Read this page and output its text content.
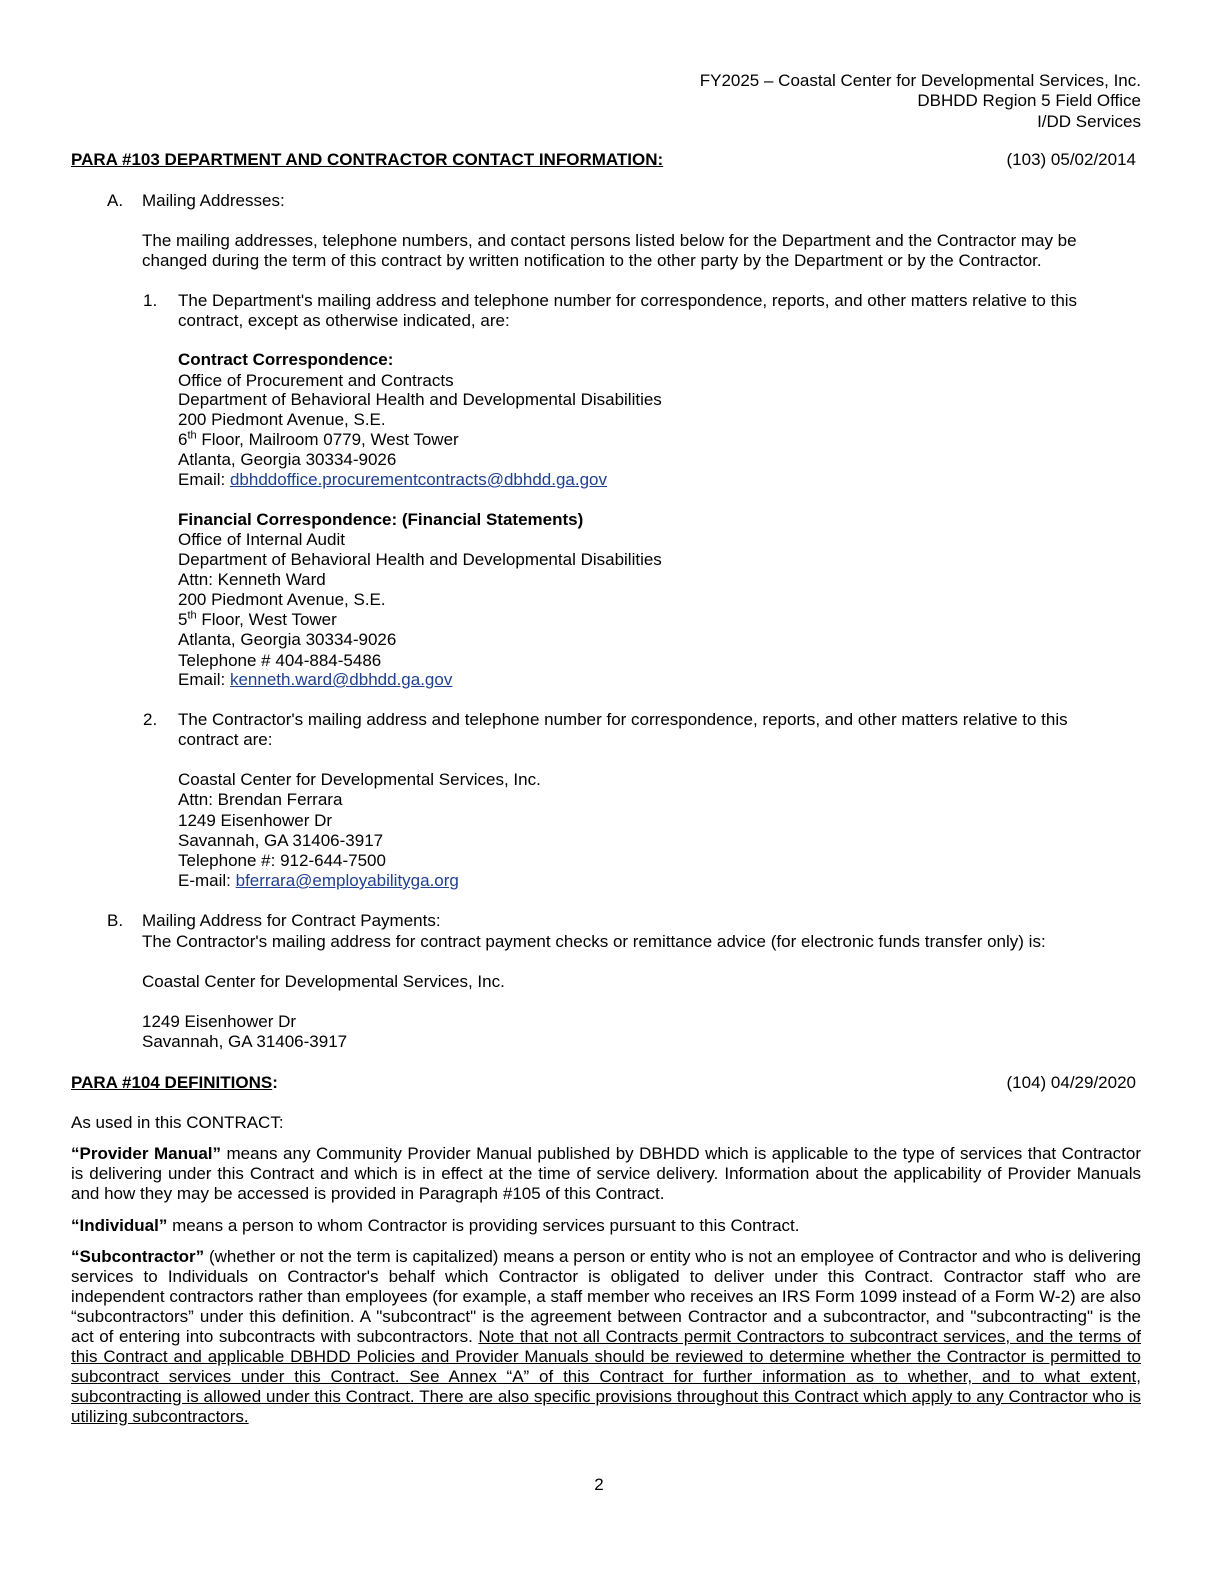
FY2025 – Coastal Center for Developmental Services, Inc.
DBHDD Region 5 Field Office
I/DD Services
PARA #103 DEPARTMENT AND CONTRACTOR CONTACT INFORMATION:	(103) 05/02/2014
A. Mailing Addresses:
The mailing addresses, telephone numbers, and contact persons listed below for the Department and the Contractor may be
changed during the term of this contract by written notification to the other party by the Department or by the Contractor.
1. The Department's mailing address and telephone number for correspondence, reports, and other matters relative to this
contract, except as otherwise indicated, are:
Contract Correspondence:
Office of Procurement and Contracts
Department of Behavioral Health and Developmental Disabilities
200 Piedmont Avenue, S.E.
6th Floor, Mailroom 0779, West Tower
Atlanta, Georgia 30334-9026
Email: dbhddoffice.procurementcontracts@dbhdd.ga.gov
Financial Correspondence: (Financial Statements)
Office of Internal Audit
Department of Behavioral Health and Developmental Disabilities
Attn: Kenneth Ward
200 Piedmont Avenue, S.E.
5th Floor, West Tower
Atlanta, Georgia 30334-9026
Telephone # 404-884-5486
Email: kenneth.ward@dbhdd.ga.gov
2. The Contractor's mailing address and telephone number for correspondence, reports, and other matters relative to this
contract are:
Coastal Center for Developmental Services, Inc.
Attn: Brendan Ferrara
1249 Eisenhower Dr
Savannah, GA 31406-3917
Telephone #: 912-644-7500
E-mail: bferrara@employabilityga.org
B. Mailing Address for Contract Payments:
The Contractor's mailing address for contract payment checks or remittance advice (for electronic funds transfer only) is:
Coastal Center for Developmental Services, Inc.
1249 Eisenhower Dr
Savannah, GA 31406-3917
PARA #104 DEFINITIONS:	(104) 04/29/2020
As used in this CONTRACT:
“Provider Manual” means any Community Provider Manual published by DBHDD which is applicable to the type of services that Contractor is delivering under this Contract and which is in effect at the time of service delivery. Information about the applicability of Provider Manuals and how they may be accessed is provided in Paragraph #105 of this Contract.
“Individual” means a person to whom Contractor is providing services pursuant to this Contract.
“Subcontractor” (whether or not the term is capitalized) means a person or entity who is not an employee of Contractor and who is delivering services to Individuals on Contractor's behalf which Contractor is obligated to deliver under this Contract. Contractor staff who are independent contractors rather than employees (for example, a staff member who receives an IRS Form 1099 instead of a Form W-2) are also “subcontractors” under this definition. A "subcontract" is the agreement between Contractor and a subcontractor, and "subcontracting" is the act of entering into subcontracts with subcontractors. Note that not all Contracts permit Contractors to subcontract services, and the terms of this Contract and applicable DBHDD Policies and Provider Manuals should be reviewed to determine whether the Contractor is permitted to subcontract services under this Contract. See Annex “A” of this Contract for further information as to whether, and to what extent, subcontracting is allowed under this Contract. There are also specific provisions throughout this Contract which apply to any Contractor who is utilizing subcontractors.
2
